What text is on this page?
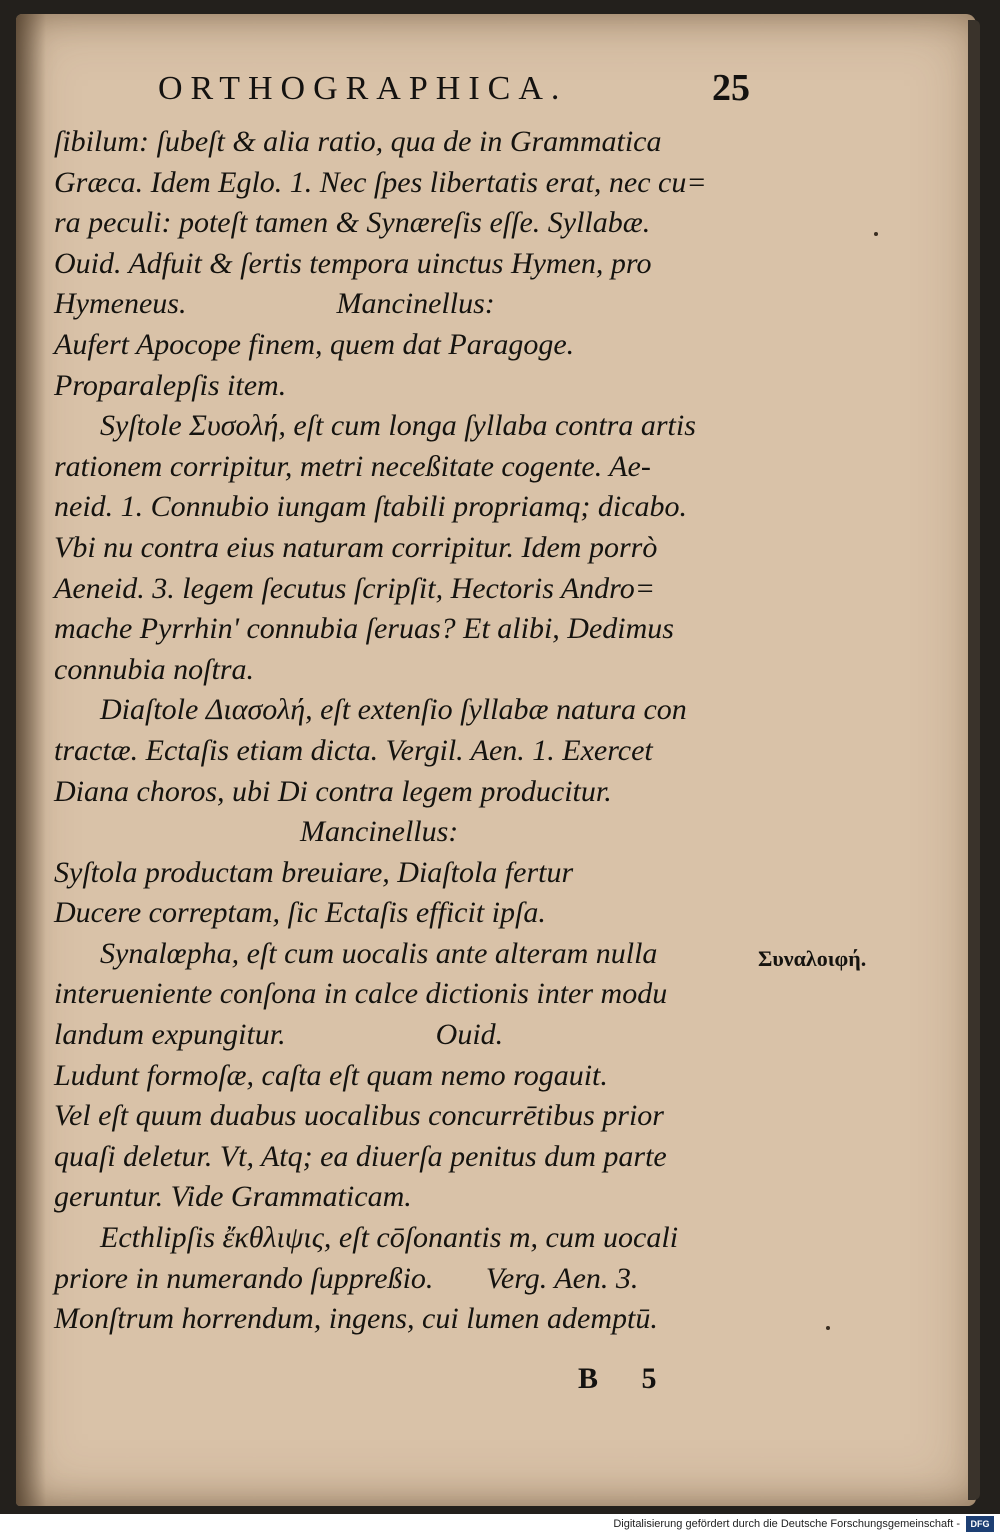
ORTHOGRAPHICA.	25
ſibilum: ſubeſt & alia ratio, qua de in Grammatica
Græca. Idem Eglo. 1. Nec ſpes libertatis erat, nec cu=
ra peculi: poteſt tamen & Synæreſis eſſe. Syllabæ.
Ouid. Adfuit & ſertis tempora uinctus Hymen, pro
Hymeneus.                    Mancinellus:
Aufert Apocope finem, quem dat Paragoge.
Proparalepſis item.
Syſtole Συσολή, eſt cum longa ſyllaba contra artis
rationem corripitur, metri neceßitate cogente. Ae-
neid. 1. Connubio iungam ſtabili propriamq; dicabo.
Vbi nu contra eius naturam corripitur. Idem porrò
Aeneid. 3. legem ſecutus ſcripſit, Hectoris Andro=
mache Pyrrhin' connubia ſeruas? Et alibi, Dedimus
connubia noſtra.
Diaſtole Διασολή, eſt extenſio ſyllabæ natura con
tractæ. Ectaſis etiam dicta. Vergil. Aen. 1. Exercet
Diana choros, ubi Di contra legem producitur.
Mancinellus:
Syſtola productam breuiare, Diaſtola fertur
Ducere correptam, ſic Ectaſis efficit ipſa.
Synalœpha, eſt cum uocalis ante alteram nulla
interueniente conſona in calce dictionis inter modu
landum expungitur.                    Ouid.
Ludunt formoſæ, caſta eſt quam nemo rogauit.
Vel eſt quum duabus uocalibus concurrētibus prior
quaſi deletur. Vt, Atq; ea diuerſa penitus dum parte
geruntur. Vide Grammaticam.
Ecthlipſis ἔκθλιψις, eſt cōſonantis m, cum uocali
priore in numerando ſuppreßio.       Verg. Aen. 3.
Monſtrum horrendum, ingens, cui lumen ademptū.
Συναλοιφή.
B 5
Digitalisierung gefördert durch die Deutsche Forschungsgemeinschaft -	DFG
